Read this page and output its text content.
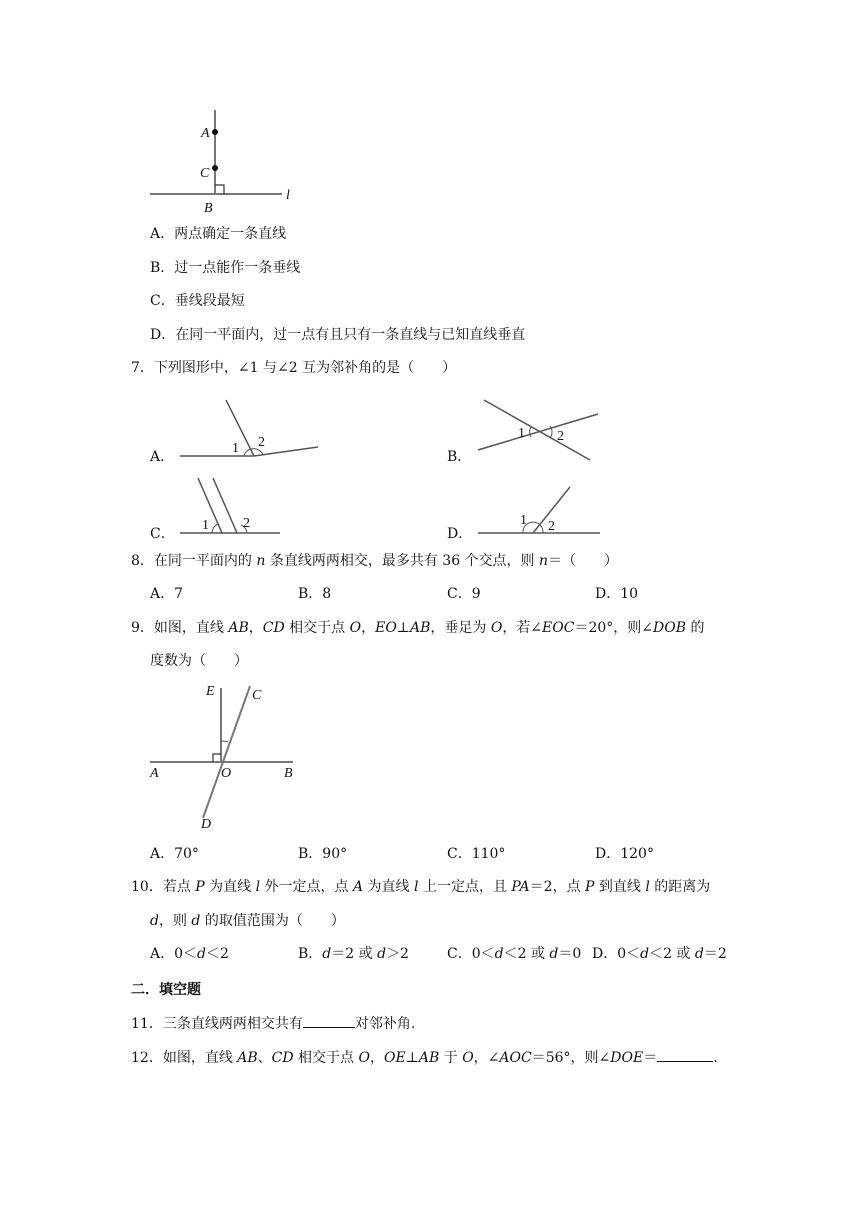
A
C
B
l
A．两点确定一条直线
B．过一点能作一条垂线
C．垂线段最短
D．在同一平面内，过一点有且只有一条直线与已知直线垂直
7．下列图形中，∠1 与∠2 互为邻补角的是（　　）
1 2
1 2
1 2	1 2
A．	B．
C．	D．
8．在同一平面内的 n 条直线两两相交，最多共有 36 个交点，则 n＝（　　）
A．7	B．8	C．9	D．10
9．如图，直线 AB，CD 相交于点 O，EO⊥AB，垂足为 O，若∠EOC＝20°，则∠DOB 的
度数为（　　）
E	C
A	O	B
D
A．70°	B．90°	C．110°	D．120°
10．若点 P 为直线 l 外一定点，点 A 为直线 l 上一定点，且 PA＝2，点 P 到直线 l 的距离为
d，则 d 的取值范围为（　　）
A．0＜d＜2	B．d＝2 或 d＞2	C．0＜d＜2 或 d＝0 D．0＜d＜2 或 d＝2
二．填空题
11．三条直线两两相交共有	对邻补角.
12．如图，直线 AB、CD 相交于点 O，OE⊥AB 于 O，∠AOC＝56°，则∠DOE＝	.
